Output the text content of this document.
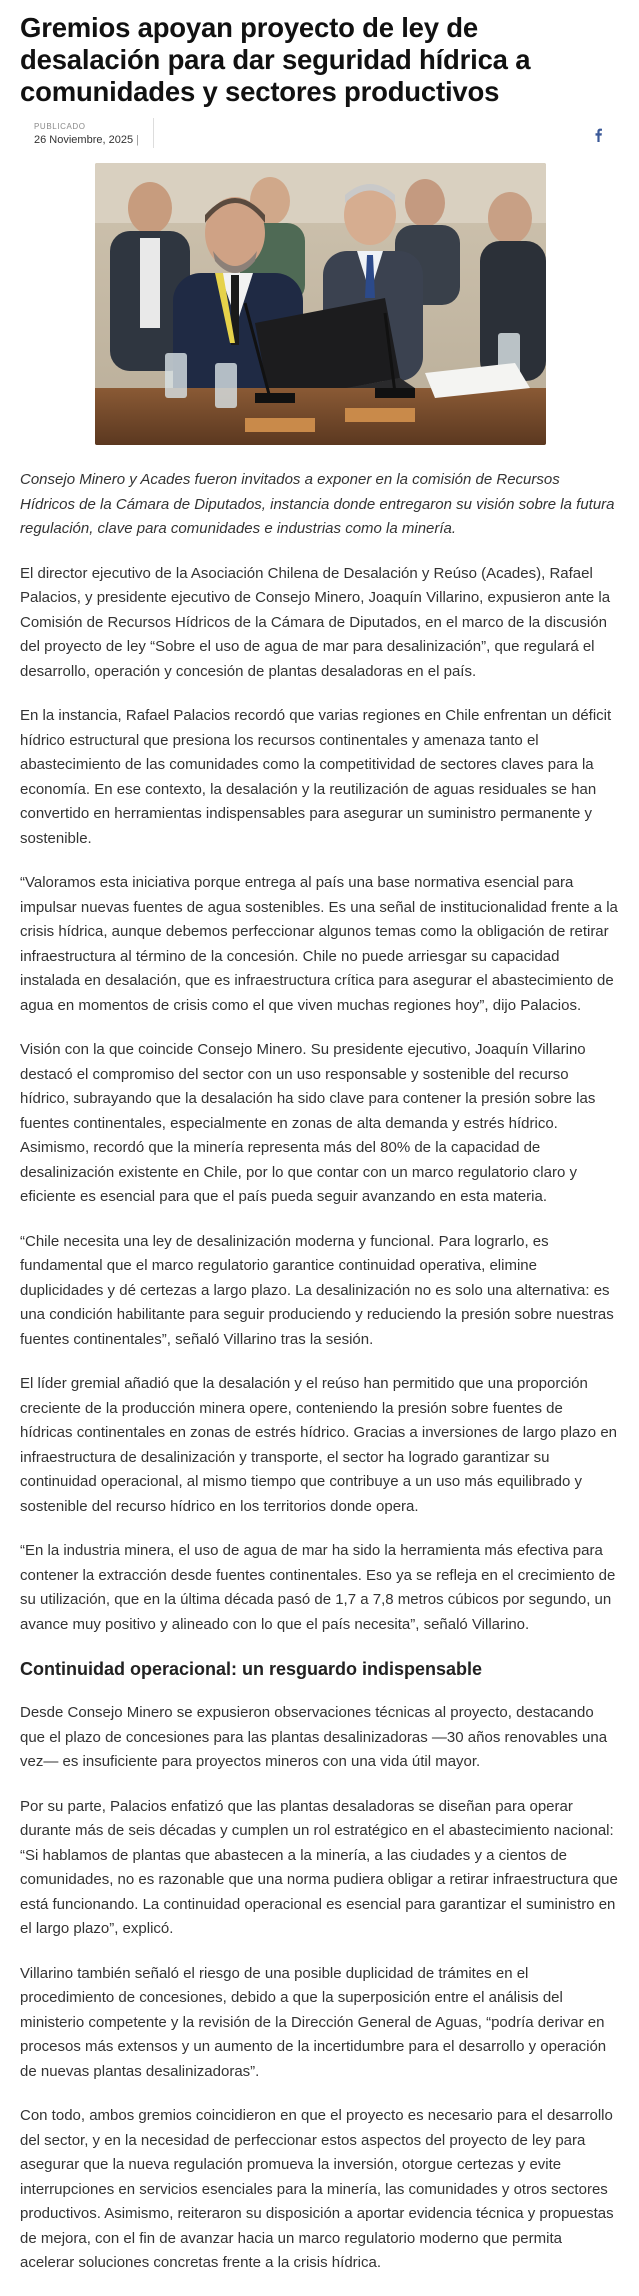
Gremios apoyan proyecto de ley de desalación para dar seguridad hídrica a comunidades y sectores productivos
PUBLICADO
26 Noviembre, 2025 |

Consejo Minero y Acades fueron invitados a exponer en la comisión de Recursos Hídricos de la Cámara de Diputados, instancia donde entregaron su visión sobre la futura regulación, clave para comunidades e industrias como la minería.

El director ejecutivo de la Asociación Chilena de Desalación y Reúso (Acades), Rafael Palacios, y presidente ejecutivo de Consejo Minero, Joaquín Villarino, expusieron ante la Comisión de Recursos Hídricos de la Cámara de Diputados, en el marco de la discusión del proyecto de ley “Sobre el uso de agua de mar para desalinización”, que regulará el desarrollo, operación y concesión de plantas desaladoras en el país.

En la instancia, Rafael Palacios recordó que varias regiones en Chile enfrentan un déficit hídrico estructural que presiona los recursos continentales y amenaza tanto el abastecimiento de las comunidades como la competitividad de sectores claves para la economía. En ese contexto, la desalación y la reutilización de aguas residuales se han convertido en herramientas indispensables para asegurar un suministro permanente y sostenible.

“Valoramos esta iniciativa porque entrega al país una base normativa esencial para impulsar nuevas fuentes de agua sostenibles. Es una señal de institucionalidad frente a la crisis hídrica, aunque debemos perfeccionar algunos temas como la obligación de retirar infraestructura al término de la concesión. Chile no puede arriesgar su capacidad instalada en desalación, que es infraestructura crítica para asegurar el abastecimiento de agua en momentos de crisis como el que viven muchas regiones hoy”, dijo Palacios.

Visión con la que coincide Consejo Minero. Su presidente ejecutivo, Joaquín Villarino destacó el compromiso del sector con un uso responsable y sostenible del recurso hídrico, subrayando que la desalación ha sido clave para contener la presión sobre las fuentes continentales, especialmente en zonas de alta demanda y estrés hídrico. Asimismo, recordó que la minería representa más del 80% de la capacidad de desalinización existente en Chile, por lo que contar con un marco regulatorio claro y eficiente es esencial para que el país pueda seguir avanzando en esta materia.

“Chile necesita una ley de desalinización moderna y funcional. Para lograrlo, es fundamental que el marco regulatorio garantice continuidad operativa, elimine duplicidades y dé certezas a largo plazo. La desalinización no es solo una alternativa: es una condición habilitante para seguir produciendo y reduciendo la presión sobre nuestras fuentes continentales”, señaló Villarino tras la sesión.

El líder gremial añadió que la desalación y el reúso han permitido que una proporción creciente de la producción minera opere, conteniendo la presión sobre fuentes de hídricas continentales en zonas de estrés hídrico. Gracias a inversiones de largo plazo en infraestructura de desalinización y transporte, el sector ha logrado garantizar su continuidad operacional, al mismo tiempo que contribuye a un uso más equilibrado y sostenible del recurso hídrico en los territorios donde opera.

“En la industria minera, el uso de agua de mar ha sido la herramienta más efectiva para contener la extracción desde fuentes continentales. Eso ya se refleja en el crecimiento de su utilización, que en la última década pasó de 1,7 a 7,8 metros cúbicos por segundo, un avance muy positivo y alineado con lo que el país necesita”, señaló Villarino.

Continuidad operacional: un resguardo indispensable

Desde Consejo Minero se expusieron observaciones técnicas al proyecto, destacando que el plazo de concesiones para las plantas desalinizadoras —30 años renovables una vez— es insuficiente para proyectos mineros con una vida útil mayor.

Por su parte, Palacios enfatizó que las plantas desaladoras se diseñan para operar durante más de seis décadas y cumplen un rol estratégico en el abastecimiento nacional: “Si hablamos de plantas que abastecen a la minería, a las ciudades y a cientos de comunidades, no es razonable que una norma pudiera obligar a retirar infraestructura que está funcionando. La continuidad operacional es esencial para garantizar el suministro en el largo plazo”, explicó.

Villarino también señaló el riesgo de una posible duplicidad de trámites en el procedimiento de concesiones, debido a que la superposición entre el análisis del ministerio competente y la revisión de la Dirección General de Aguas, “podría derivar en procesos más extensos y un aumento de la incertidumbre para el desarrollo y operación de nuevas plantas desalinizadoras”.

Con todo, ambos gremios coincidieron en que el proyecto es necesario para el desarrollo del sector, y en la necesidad de perfeccionar estos aspectos del proyecto de ley para asegurar que la nueva regulación promueva la inversión, otorgue certezas y evite interrupciones en servicios esenciales para la minería, las comunidades y otros sectores productivos. Asimismo, reiteraron su disposición a aportar evidencia técnica y propuestas de mejora, con el fin de avanzar hacia un marco regulatorio moderno que permita acelerar soluciones concretas frente a la crisis hídrica.
